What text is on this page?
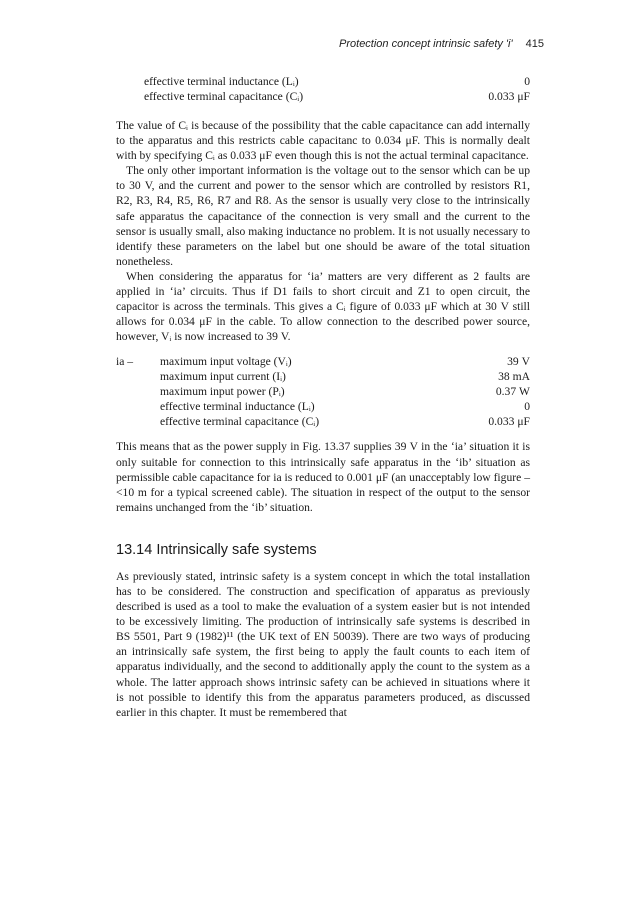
Protection concept intrinsic safety 'i' 415
effective terminal inductance (Lᵢ)	0
effective terminal capacitance (Cᵢ)	0.033 μF

The value of Cᵢ is because of the possibility that the cable capacitance can add internally to the apparatus and this restricts cable capacitanc to 0.034 μF. This is normally dealt with by specifying Cᵢ as 0.033 μF even though this is not the actual terminal capacitance.

The only other important information is the voltage out to the sensor which can be up to 30 V, and the current and power to the sensor which are controlled by resistors R1, R2, R3, R4, R5, R6, R7 and R8. As the sensor is usually very close to the intrinsically safe apparatus the capacitance of the connection is very small and the current to the sensor is usually small, also making inductance no problem. It is not usually necessary to identify these parameters on the label but one should be aware of the total situation nonetheless.

When considering the apparatus for ‘ia’ matters are very different as 2 faults are applied in ‘ia’ circuits. Thus if D1 fails to short circuit and Z1 to open circuit, the capacitor is across the terminals. This gives a Cᵢ figure of 0.033 μF which at 30 V still allows for 0.034 μF in the cable. To allow connection to the described power source, however, Vᵢ is now increased to 39 V.

ia – maximum input voltage (Vᵢ)	39 V
maximum input current (Iᵢ)	38 mA
maximum input power (Pᵢ)	0.37 W
effective terminal inductance (Lᵢ)	0
effective terminal capacitance (Cᵢ)	0.033 μF

This means that as the power supply in Fig. 13.37 supplies 39 V in the ‘ia’ situation it is only suitable for connection to this intrinsically safe apparatus in the ‘ib’ situation as permissible cable capacitance for ia is reduced to 0.001 μF (an unacceptably low figure – <10 m for a typical screened cable). The situation in respect of the output to the sensor remains unchanged from the ‘ib’ situation.

13.14 Intrinsically safe systems

As previously stated, intrinsic safety is a system concept in which the total installation has to be considered. The construction and specification of apparatus as previously described is used as a tool to make the evaluation of a system easier but is not intended to be excessively limiting. The production of intrinsically safe systems is described in BS 5501, Part 9 (1982)¹¹ (the UK text of EN 50039). There are two ways of producing an intrinsically safe system, the first being to apply the fault counts to each item of apparatus individually, and the second to additionally apply the count to the system as a whole. The latter approach shows intrinsic safety can be achieved in situations where it is not possible to identify this from the apparatus parameters produced, as discussed earlier in this chapter. It must be remembered that
